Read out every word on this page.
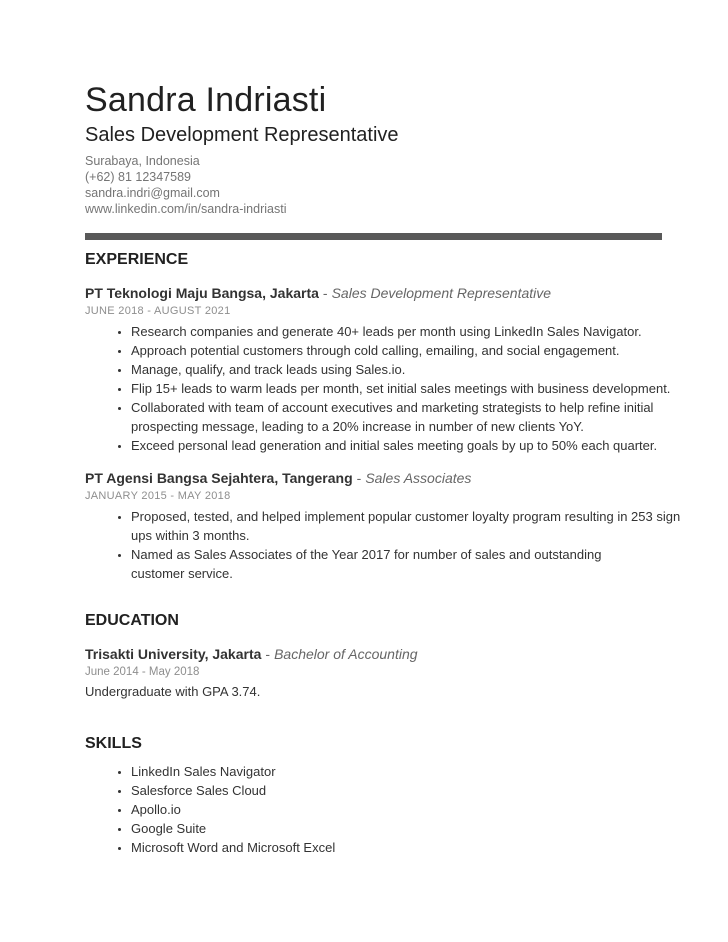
Sandra Indriasti
Sales Development Representative

Surabaya, Indonesia

(+62) 81 12347589

sandra.indri@gmail.com

www.linkedin.com/in/sandra-indriasti

EXPERIENCE

PT Teknologi Maju Bangsa, Jakarta - Sales Development Representative

JUNE 2018 - AUGUST 2021

• Research companies and generate 40+ leads per month using LinkedIn Sales Navigator.
• Approach potential customers through cold calling, emailing, and social engagement.
• Manage, qualify, and track leads using Sales.io.
• Flip 15+ leads to warm leads per month, set initial sales meetings with business development.
• Collaborated with team of account executives and marketing strategists to help refine initial prospecting message, leading to a 20% increase in number of new clients YoY.
• Exceed personal lead generation and initial sales meeting goals by up to 50% each quarter.

PT Agensi Bangsa Sejahtera, Tangerang - Sales Associates

JANUARY 2015 - MAY 2018

• Proposed, tested, and helped implement popular customer loyalty program resulting in 253 sign ups within 3 months.
• Named as Sales Associates of the Year 2017 for number of sales and outstanding customer service.
EDUCATION

Trisakti University, Jakarta - Bachelor of Accounting

June 2014 - May 2018

Undergraduate with GPA 3.74.

SKILLS
• LinkedIn Sales Navigator
• Salesforce Sales Cloud
• Apollo.io
• Google Suite
• Microsoft Word and Microsoft Excel
